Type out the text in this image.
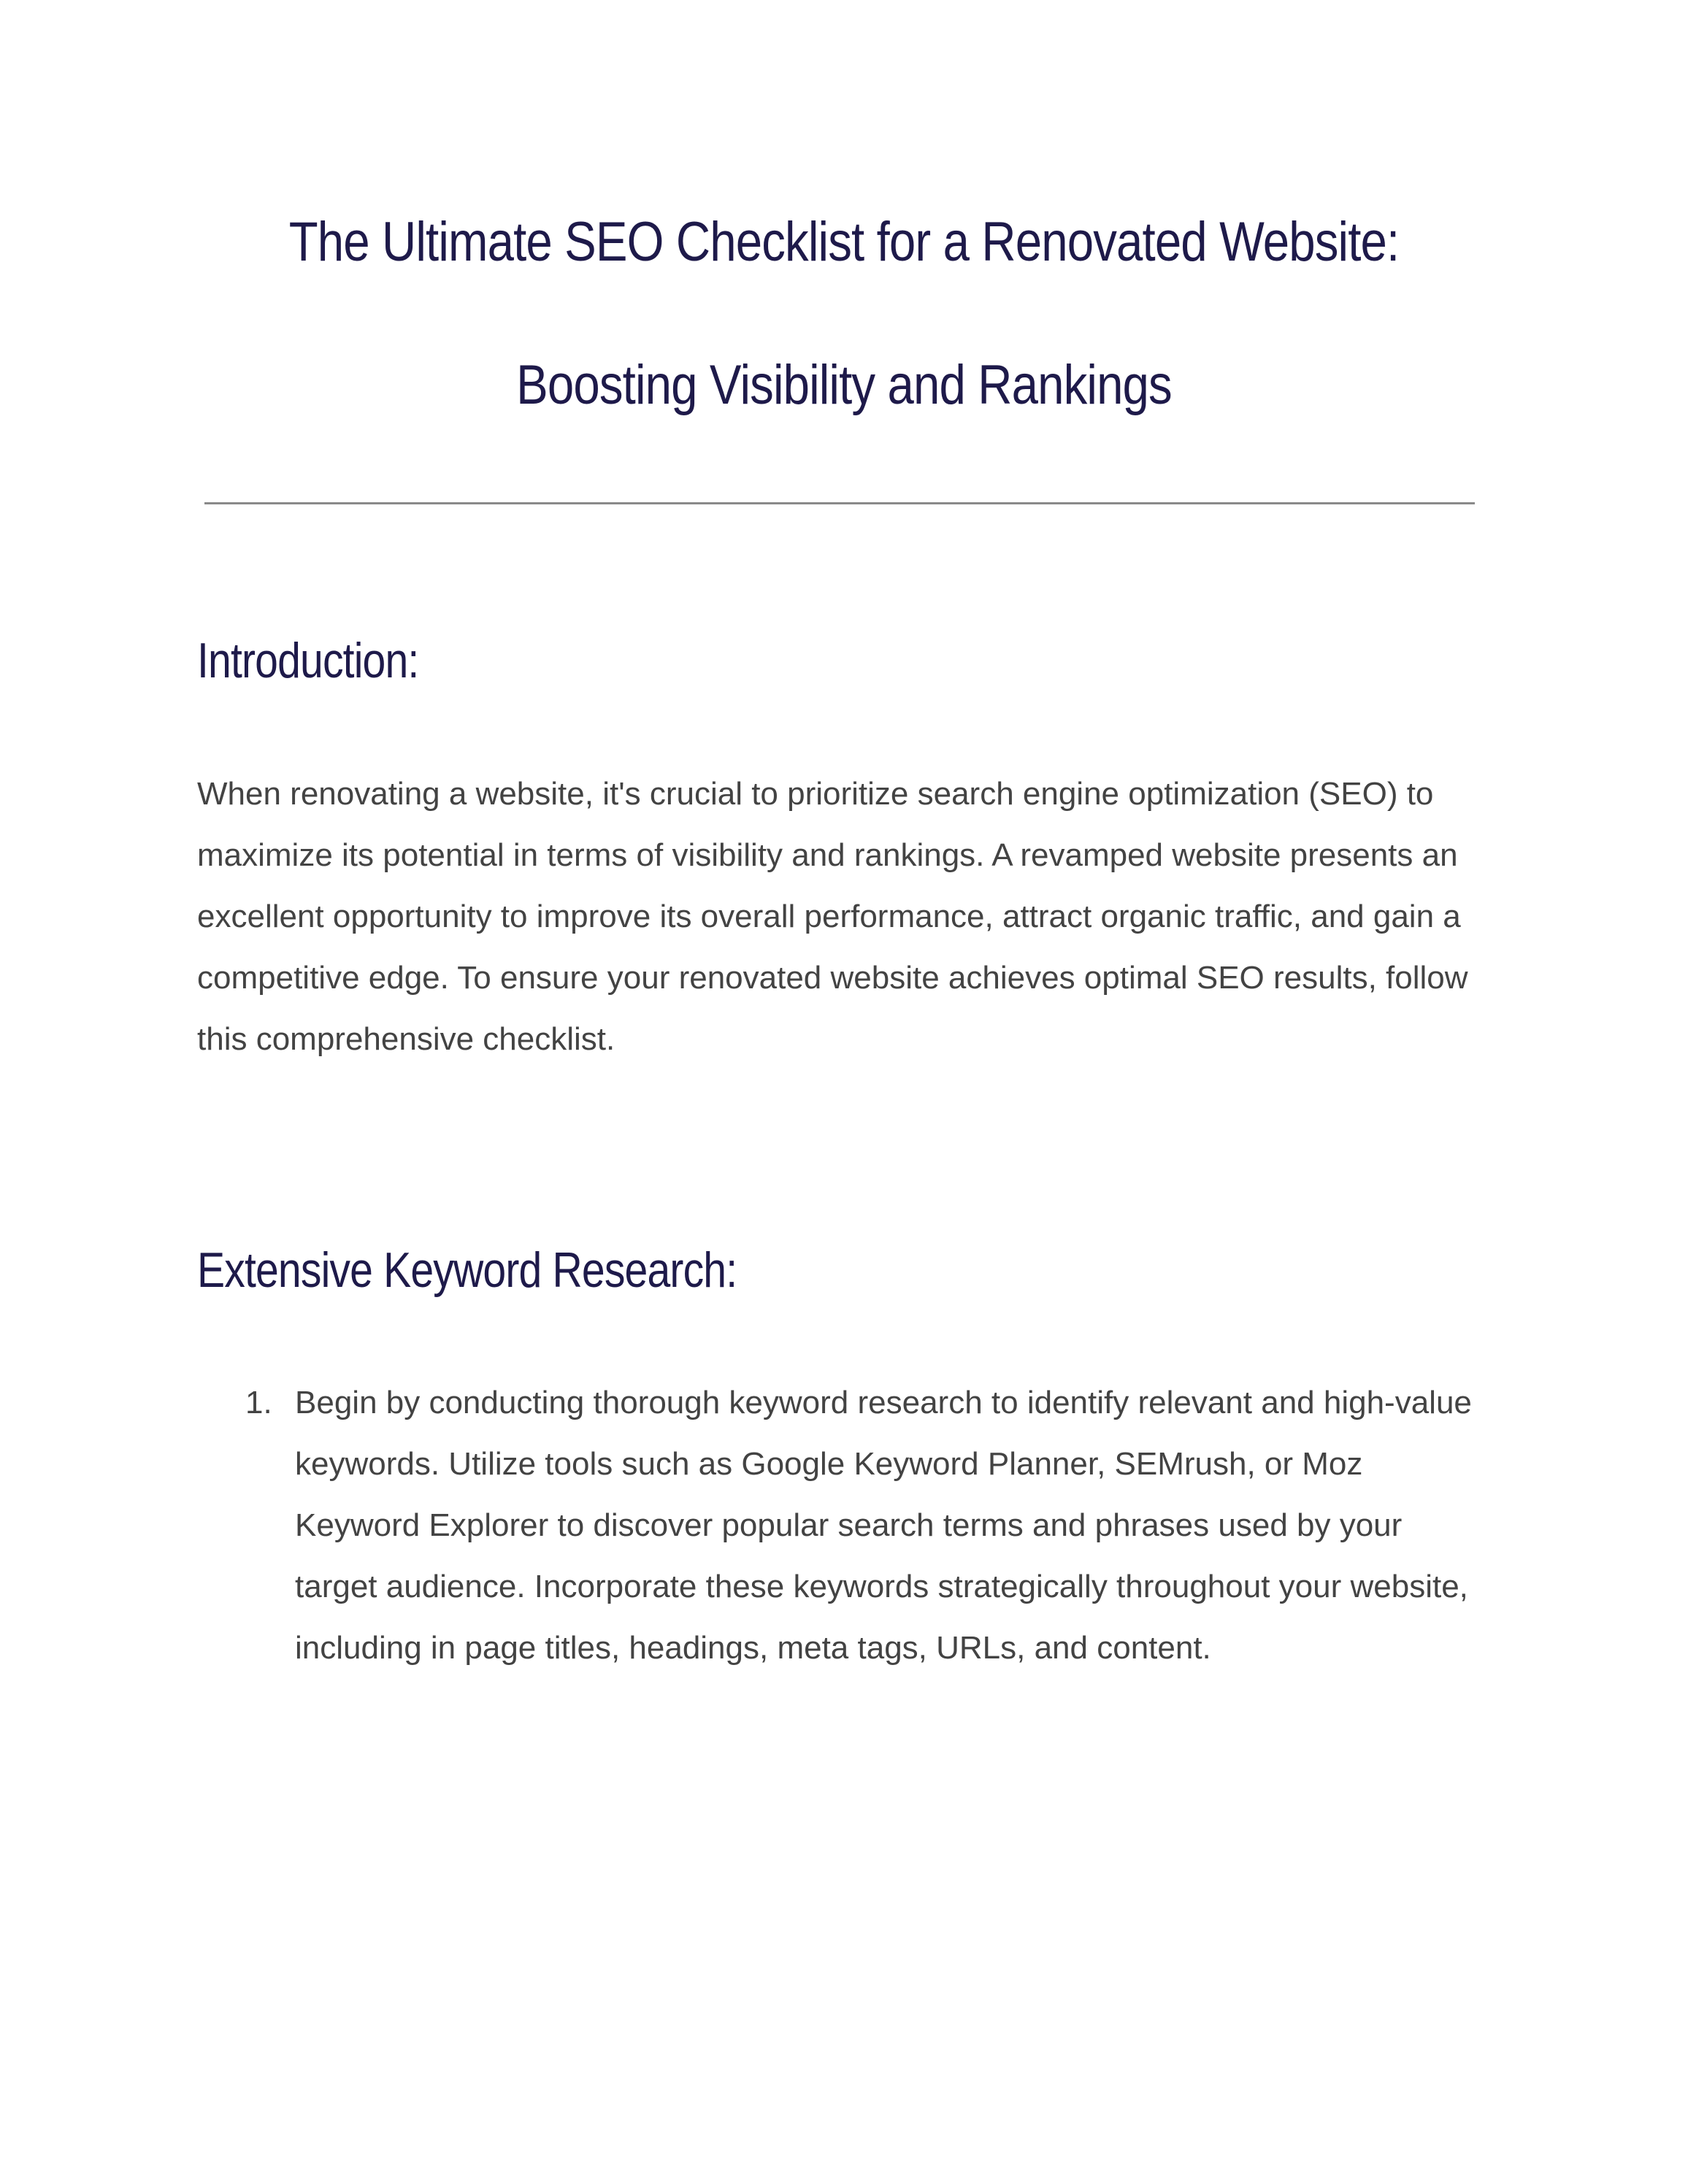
The Ultimate SEO Checklist for a Renovated Website: Boosting Visibility and Rankings
Introduction:

When renovating a website, it's crucial to prioritize search engine optimization (SEO) to maximize its potential in terms of visibility and rankings. A revamped website presents an excellent opportunity to improve its overall performance, attract organic traffic, and gain a competitive edge. To ensure your renovated website achieves optimal SEO results, follow this comprehensive checklist.

Extensive Keyword Research:
1. Begin by conducting thorough keyword research to identify relevant and high-value keywords. Utilize tools such as Google Keyword Planner, SEMrush, or Moz Keyword Explorer to discover popular search terms and phrases used by your target audience. Incorporate these keywords strategically throughout your website, including in page titles, headings, meta tags, URLs, and content.
